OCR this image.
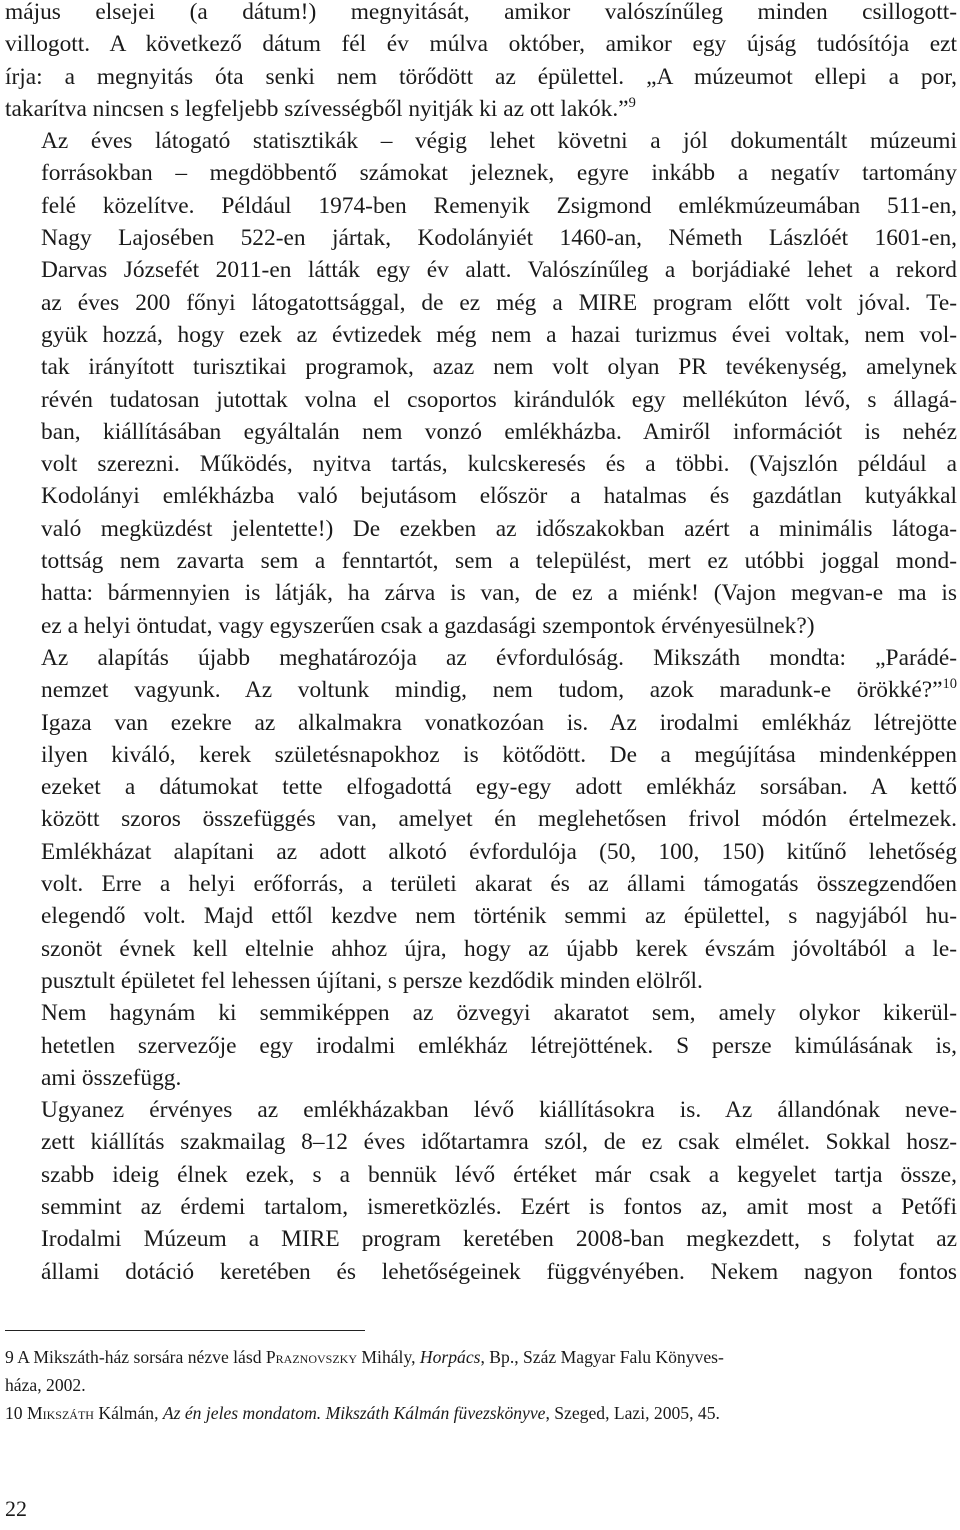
május elsejei (a dátum!) megnyitását, amikor valószínűleg minden csillogott-
villogott. A következő dátum fél év múlva október, amikor egy újság tudósítója ezt
írja: a megnyitás óta senki nem törődött az épülettel. „A múzeumot ellepi a por,
takarítva nincsen s legfeljebb szívességből nyitják ki az ott lakók.”$^9$

Az éves látogató statisztikák – végig lehet követni a jól dokumentált múzeumi
forrásokban – megdöbbentő számokat jeleznek, egyre inkább a negatív tartomány
felé közelítve. Például 1974-ben Remenyik Zsigmond emlékmúzeumában 511-en,
Nagy Lajosében 522-en jártak, Kodolányiét 1460-an, Németh Lászlóét 1601-en,
Darvas Józsefét 2011-en látták egy év alatt. Valószínűleg a borjádiaké lehet a rekord
az éves 200 főnyi látogatottsággal, de ez még a MIRE program előtt volt jóval. Te-
gyük hozzá, hogy ezek az évtizedek még nem a hazai turizmus évei voltak, nem vol-
tak irányított turisztikai programok, azaz nem volt olyan PR tevékenység, amelynek
révén tudatosan jutottak volna el csoportos kirándulók egy mellékúton lévő, s állagá-
ban, kiállításában egyáltalán nem vonzó emlékházba. Amiről információt is nehéz
volt szerezni. Működés, nyitva tartás, kulcskeresés és a többi. (Vajszlón például a
Kodolányi emlékházba való bejutásom először a hatalmas és gazdátlan kutyákkal
való megküzdést jelentette!) De ezekben az időszakokban azért a minimális látoga-
tottság nem zavarta sem a fenntartót, sem a települést, mert ez utóbbi joggal mond-
hatta: bármennyien is látják, ha zárva is van, de ez a miénk! (Vajon megvan-e ma is
ez a helyi öntudat, vagy egyszerűen csak a gazdasági szempontok érvényesülnek?)

Az alapítás újabb meghatározója az évfordulóság. Mikszáth mondta: „Parádé-
nemzet vagyunk. Az voltunk mindig, nem tudom, azok maradunk-e örökké?”$^{10}$
Igaza van ezekre az alkalmakra vonatkozóan is. Az irodalmi emlékház létrejötte
ilyen kiváló, kerek születésnapokhoz is kötődött. De a megújítása mindenképpen
ezeket a dátumokat tette elfogadottá egy-egy adott emlékház sorsában. A kettő
között szoros összefüggés van, amelyet én meglehetősen frivol módón értelmezek.
Emlékházat alapítani az adott alkotó évfordulója (50, 100, 150) kitűnő lehetőség
volt. Erre a helyi erőforrás, a területi akarat és az állami támogatás összegzendően
elegendő volt. Majd ettől kezdve nem történik semmi az épülettel, s nagyjából hu-
szonöt évnek kell eltelnie ahhoz újra, hogy az újabb kerek évszám jóvoltából a le-
pusztult épületet fel lehessen újítani, s persze kezdődik minden elölről.

Nem hagynám ki semmiképpen az özvegyi akaratot sem, amely olykor kikerül-
hetetlen szervezője egy irodalmi emlékház létrejöttének. S persze kimúlásának is,
ami összefügg.

Ugyanez érvényes az emlékházakban lévő kiállításokra is. Az állandónak neve-
zett kiállítás szakmailag 8–12 éves időtartamra szól, de ez csak elmélet. Sokkal hosz-
szabb ideig élnek ezek, s a bennük lévő értéket már csak a kegyelet tartja össze,
semmint az érdemi tartalom, ismeretközlés. Ezért is fontos az, amit most a Petőfi
Irodalmi Múzeum a MIRE program keretében 2008-ban megkezdett, s folytat az
állami dotáció keretében és lehetőségeinek függvényében. Nekem nagyon fontos

9 A Mikszáth-ház sorsára nézve lásd Praznovszky Mihály, Horpács, Bp., Száz Magyar Falu Könyves-
háza, 2002.

10 Mikszáth Kálmán, Az én jeles mondatom. Mikszáth Kálmán füvezskönyve, Szeged, Lazi, 2005, 45.

22
